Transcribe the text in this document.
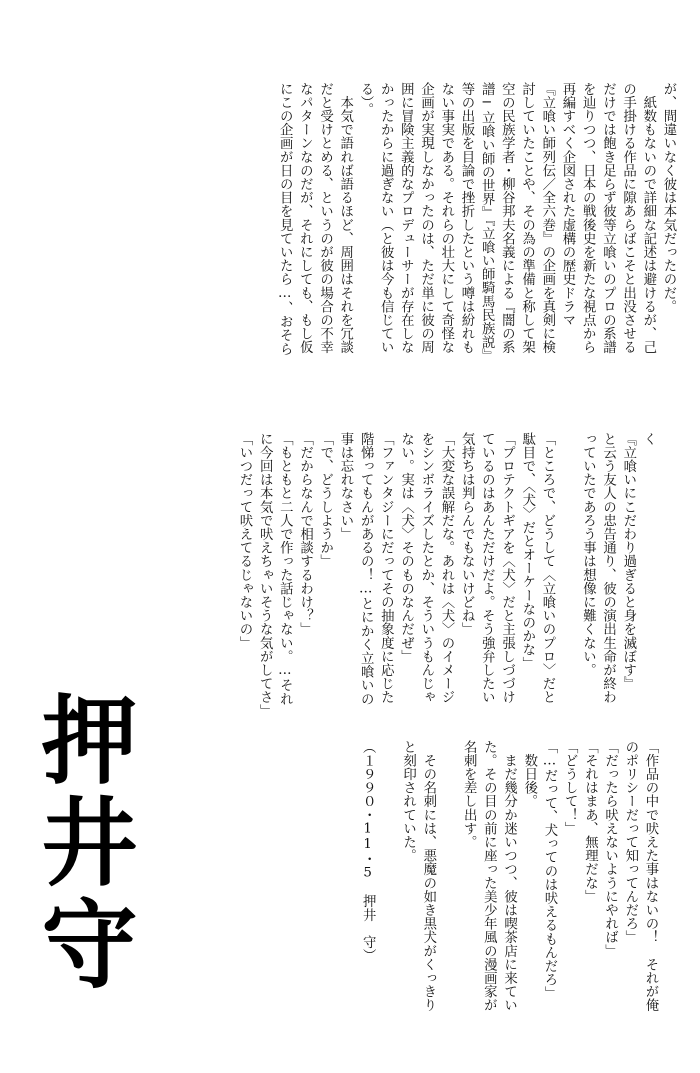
が、間違いなく彼は本気だったのだ。

　紙数もないので詳細な記述は避けるが、己

の手掛ける作品に隙あらばこそと出没させる

だけでは飽き足らず彼等立喰いのプロの系譜

を辿りつつ、日本の戦後史を新たな視点から

再編すべく企図された虚構の歴史ドラマ

『立喰い師列伝／全六巻』の企画を真剣に検

討していたことや、その為の準備と称して架

空の民族学者・柳谷邦夫名義による『闇の系

譜─立喰い師の世界』『立喰い師騎馬民族説』

等の出版を目論で挫折したという噂は紛れも

ない事実である。それらの壮大にして奇怪な

企画が実現しなかったのは、ただ単に彼の周

囲に冒険主義的なプロデューサーが存在しな

かったからに過ぎない（と彼は今も信じてい

る）。

　本気で語れば語るほど、周囲はそれを冗談

だと受けとめる、というのが彼の場合の不幸

なパターンなのだが、それにしても、もし仮

にこの企画が日の目を見ていたら…、おそら

く

『立喰いにこだわり過ぎると身を滅ぼす』

と云う友人の忠告通り、彼の演出生命が終わ

っていたであろう事は想像に難くない。

「ところで、どうして〈立喰いのプロ〉だと

駄目で、〈犬〉だとオーケーなのかな」

「プロテクトギアを〈犬〉だと主張しづづけ

ているのはあんただけだよ。そう強弁したい

気持ちは判らんでもないけどね」

「大変な誤解だな。あれは〈犬〉のイメージ

をシンボライズしたとか、そういうもんじゃ

ない。実は〈犬〉そのものなんだぜ」

「ファンタジーにだってその抽象度に応じた

階悌ってもんがあるの！…とにかく立喰いの

事は忘れなさい」

「で、どうしようか」

「だからなんで相談するわけ？」

「もともと二人で作った話じゃない。…それ

に今回は本気で吠えちゃいそうな気がしてさ」

「いつだって吠えてるじゃないの」

「作品の中で吠えた事はないの！　それが俺

のポリシーだって知ってんだろ」

「だったら吠えないようにやれば」

「それはまあ、無理だな」

「どうして！」

「…だって、犬ってのは吠えるもんだろ」

　数日後。

　まだ幾分か迷いつつ、彼は喫茶店に来てい

た。その目の前に座った美少年風の漫画家が

名刺を差し出す。

　その名刺には、悪魔の如き黒犬がくっきり

と刻印されていた。

（１９９０・11・5　押井　守）

押井守
